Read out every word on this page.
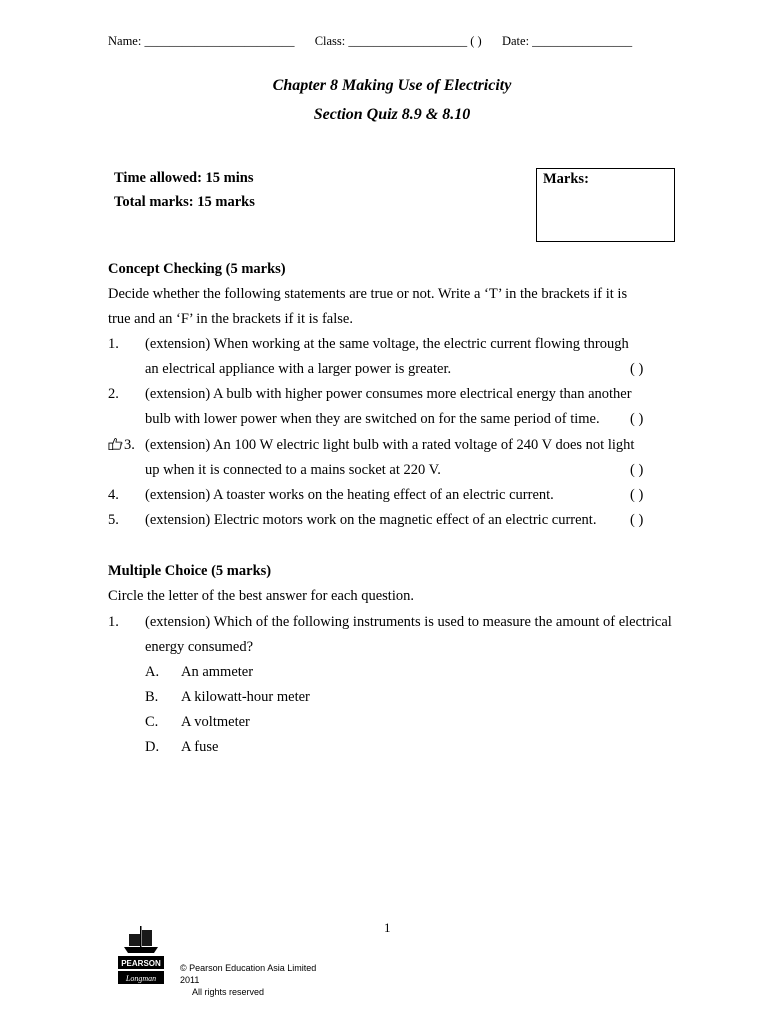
Name: ________________________ Class: ___________________ ( ) Date: ________________
Chapter 8 Making Use of Electricity
Section Quiz 8.9 & 8.10
Time allowed: 15 mins
Total marks: 15 marks
Marks:
Concept Checking (5 marks)
Decide whether the following statements are true or not. Write a ‘T’ in the brackets if it is
true and an ‘F’ in the brackets if it is false.
1. (extension) When working at the same voltage, the electric current flowing through
an electrical appliance with a larger power is greater.	( )
2. (extension) A bulb with higher power consumes more electrical energy than another
bulb with lower power when they are switched on for the same period of time. ( )
3. (extension) An 100 W electric light bulb with a rated voltage of 240 V does not light
up when it is connected to a mains socket at 220 V.	( )
4. (extension) A toaster works on the heating effect of an electric current.	( )
5. (extension) Electric motors work on the magnetic effect of an electric current. ( )
Multiple Choice (5 marks)
Circle the letter of the best answer for each question.
1. (extension) Which of the following instruments is used to measure the amount of electrical
energy consumed?
A. An ammeter
B. A kilowatt-hour meter
C. A voltmeter
D. A fuse
1
PEARSON
Longman
© Pearson Education Asia Limited 2011
All rights reserved
